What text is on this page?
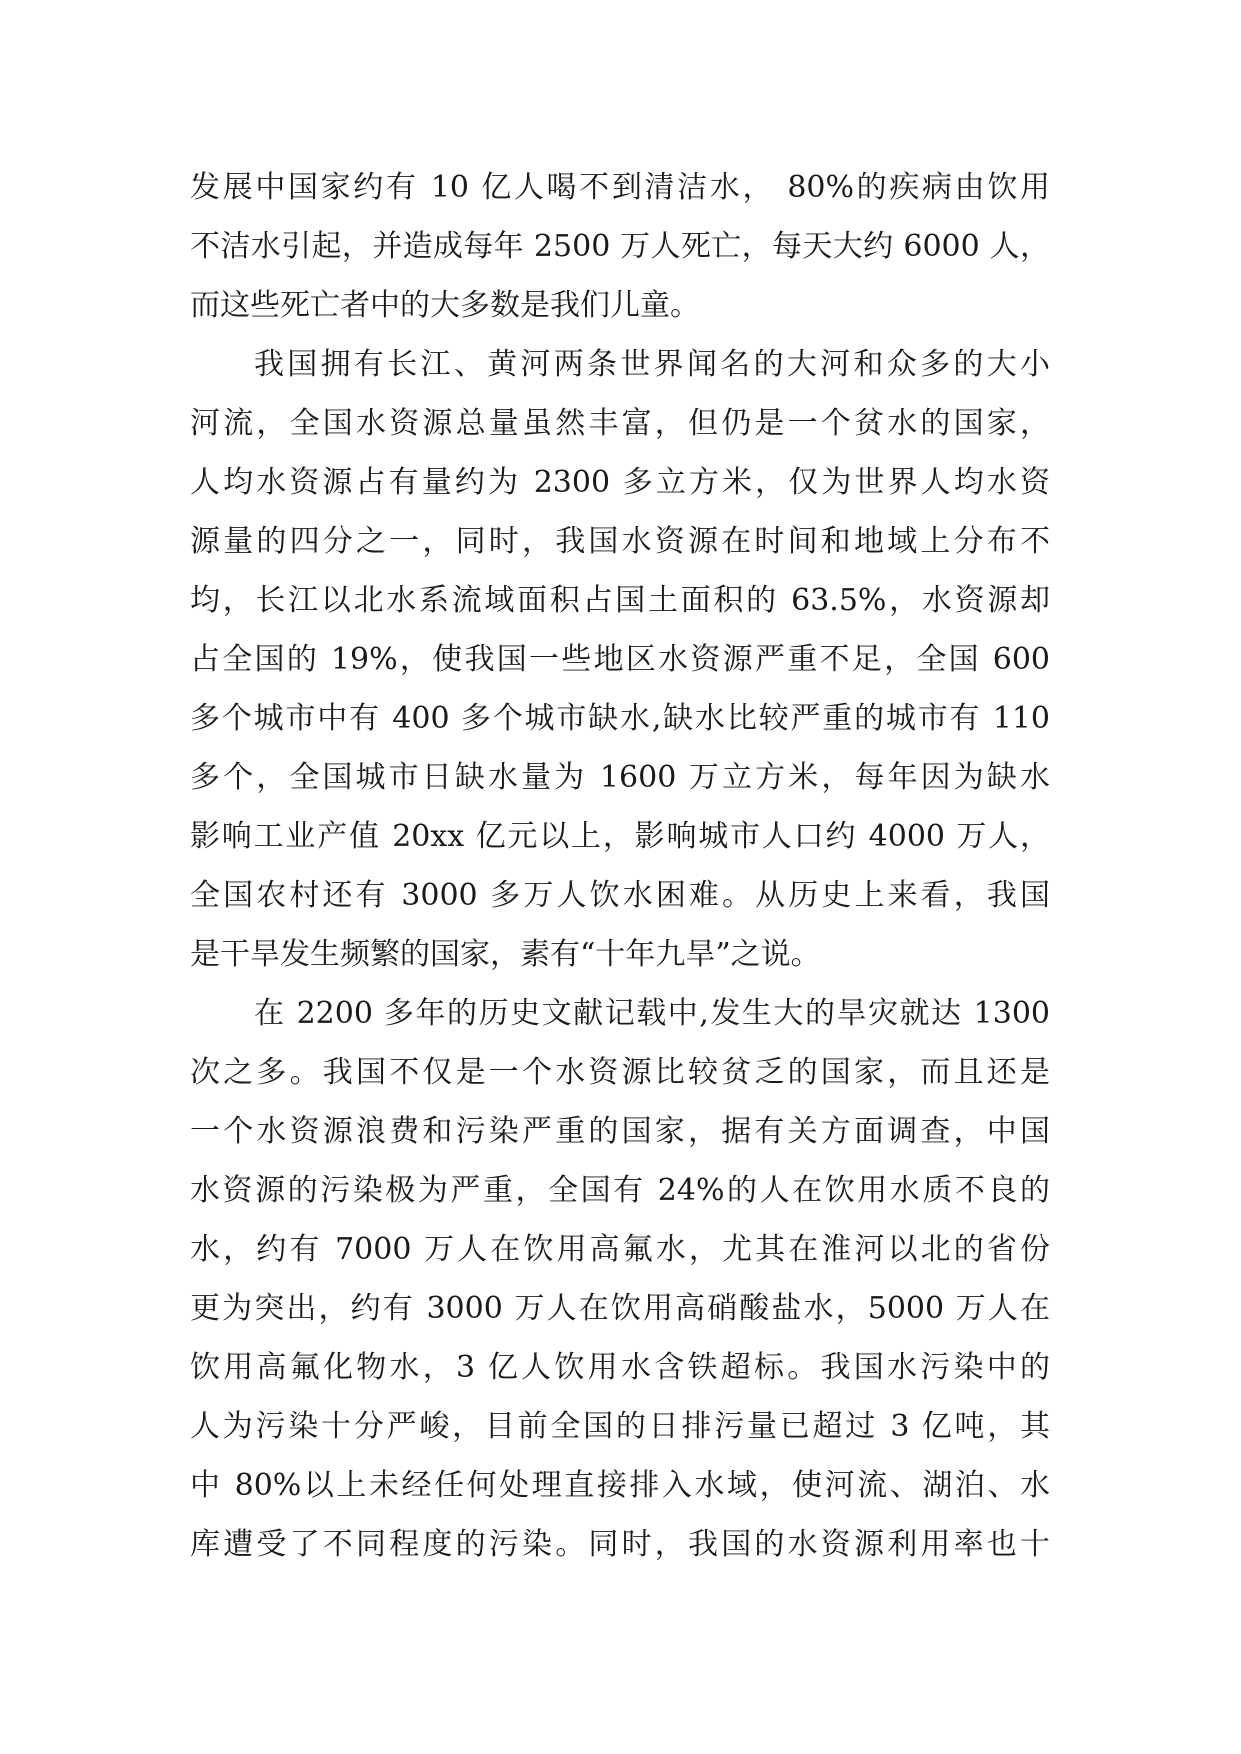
发展中国家约有 10 亿人喝不到清洁水， 80%的疾病由饮用
不洁水引起，并造成每年 2500 万人死亡，每天大约 6000 人，
而这些死亡者中的大多数是我们儿童。
我国拥有长江、黄河两条世界闻名的大河和众多的大小
河流，全国水资源总量虽然丰富，但仍是一个贫水的国家，
人均水资源占有量约为 2300 多立方米，仅为世界人均水资
源量的四分之一，同时，我国水资源在时间和地域上分布不
均，长江以北水系流域面积占国土面积的 63.5%，水资源却
占全国的 19%，使我国一些地区水资源严重不足，全国 600
多个城市中有 400 多个城市缺水,缺水比较严重的城市有 110
多个，全国城市日缺水量为 1600 万立方米，每年因为缺水
影响工业产值 20xx 亿元以上，影响城市人口约 4000 万人，
全国农村还有 3000 多万人饮水困难。从历史上来看，我国
是干旱发生频繁的国家，素有“十年九旱”之说。
在 2200 多年的历史文献记载中,发生大的旱灾就达 1300
次之多。我国不仅是一个水资源比较贫乏的国家，而且还是
一个水资源浪费和污染严重的国家，据有关方面调查，中国
水资源的污染极为严重，全国有 24%的人在饮用水质不良的
水，约有 7000 万人在饮用高氟水，尤其在淮河以北的省份
更为突出，约有 3000 万人在饮用高硝酸盐水，5000 万人在
饮用高氟化物水，3 亿人饮用水含铁超标。我国水污染中的
人为污染十分严峻，目前全国的日排污量已超过 3 亿吨，其
中 80%以上未经任何处理直接排入水域，使河流、湖泊、水
库遭受了不同程度的污染。同时，我国的水资源利用率也十
